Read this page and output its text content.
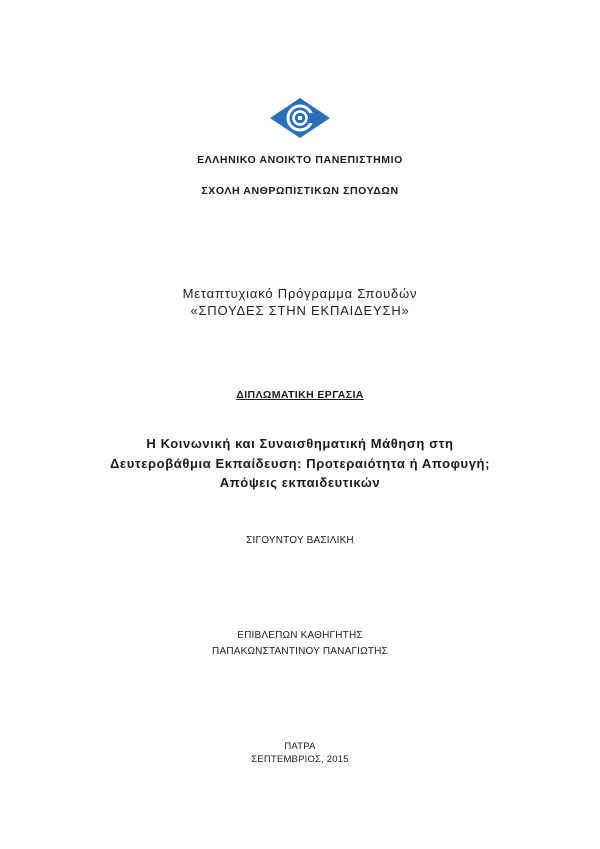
ΕΛΛΗΝΙΚΟ ΑΝΟΙΚΤΟ ΠΑΝΕΠΙΣΤΗΜΙΟ
ΣΧΟΛΗ ΑΝΘΡΩΠΙΣΤΙΚΩΝ ΣΠΟΥΔΩΝ
Μεταπτυχιακό Πρόγραμμα Σπουδών
«ΣΠΟΥΔΕΣ ΣΤΗΝ ΕΚΠΑΙΔΕΥΣΗ»
ΔΙΠΛΩΜΑΤΙΚΗ ΕΡΓΑΣΙΑ
Η Κοινωνική και Συναισθηματική Μάθηση στη
Δευτεροβάθμια Εκπαίδευση: Προτεραιότητα ή Αποφυγή;
Απόψεις εκπαιδευτικών
ΣΙΓΟΥΝΤΟΥ ΒΑΣΙΛΙΚΗ
ΕΠΙΒΛΕΠΩΝ ΚΑΘΗΓΗΤΗΣ
ΠΑΠΑΚΩΝΣΤΑΝΤΙΝΟΥ ΠΑΝΑΓΙΩΤΗΣ
ΠΑΤΡΑ
ΣΕΠΤΕΜΒΡΙΟΣ, 2015
